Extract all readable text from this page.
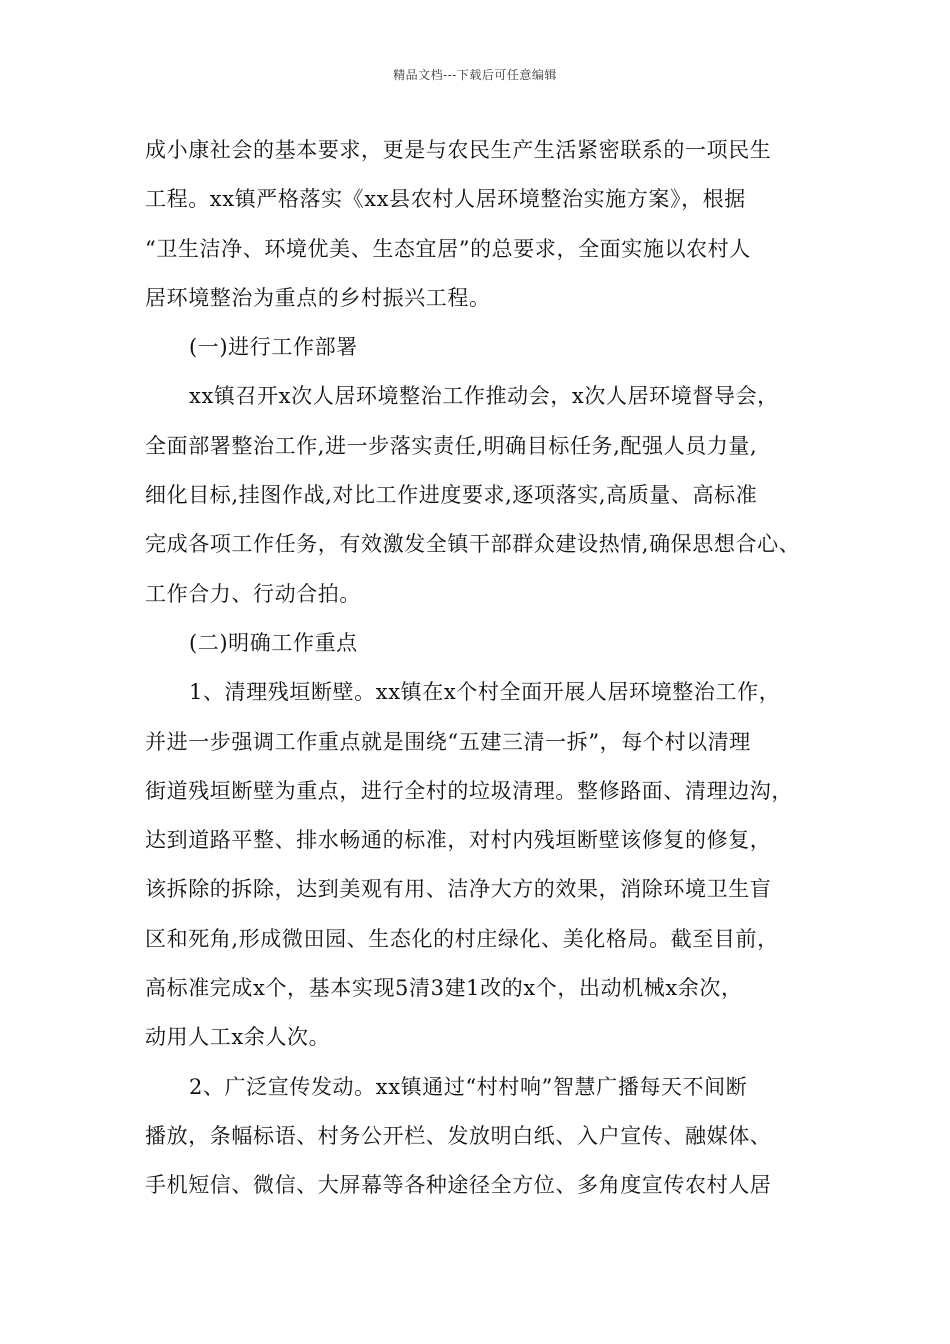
精品文档---下载后可任意编辑
成小康社会的基本要求，更是与农民生产生活紧密联系的一项民生
工程。xx镇严格落实《xx县农村人居环境整治实施方案》，根据
“卫生洁净、环境优美、生态宜居”的总要求，全面实施以农村人
居环境整治为重点的乡村振兴工程。
(一)进行工作部署
xx镇召开x次人居环境整治工作推动会，x次人居环境督导会，
全面部署整治工作,进一步落实责任,明确目标任务,配强人员力量,
细化目标,挂图作战,对比工作进度要求,逐项落实,高质量、高标准
完成各项工作任务，有效激发全镇干部群众建设热情,确保思想合心、
工作合力、行动合拍。
(二)明确工作重点
1、清理残垣断壁。xx镇在x个村全面开展人居环境整治工作，
并进一步强调工作重点就是围绕“五建三清一拆”，每个村以清理
街道残垣断壁为重点，进行全村的垃圾清理。整修路面、清理边沟，
达到道路平整、排水畅通的标准，对村内残垣断壁该修复的修复，
该拆除的拆除，达到美观有用、洁净大方的效果，消除环境卫生盲
区和死角,形成微田园、生态化的村庄绿化、美化格局。截至目前，
高标准完成x个，基本实现5清3建1改的x个，出动机械x余次，
动用人工x余人次。
2、广泛宣传发动。xx镇通过“村村响”智慧广播每天不间断
播放，条幅标语、村务公开栏、发放明白纸、入户宣传、融媒体、
手机短信、微信、大屏幕等各种途径全方位、多角度宣传农村人居
